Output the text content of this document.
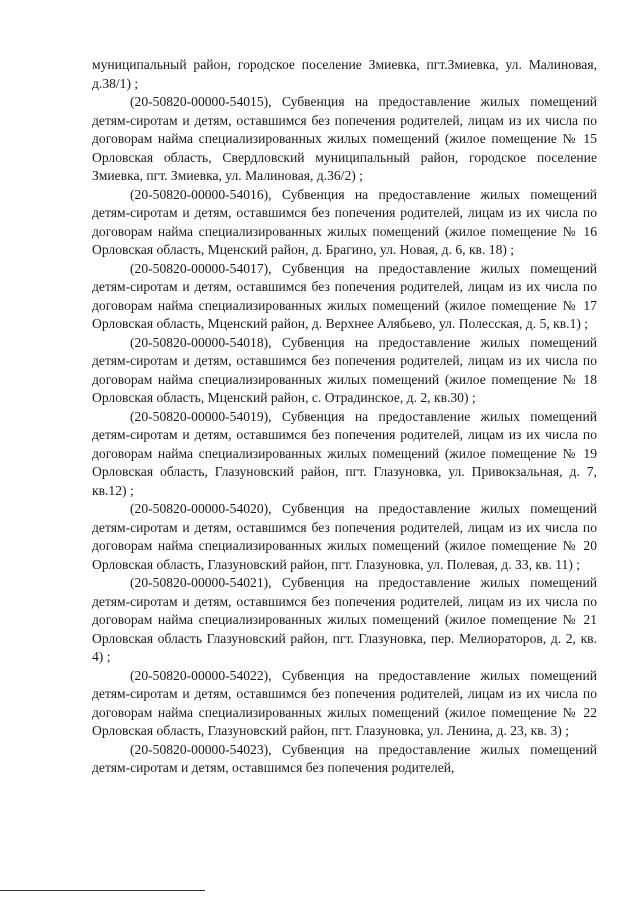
муниципальный район, городское поселение Змиевка, пгт.Змиевка, ул. Малиновая, д.38/1) ;

(20-50820-00000-54015), Субвенция на предоставление жилых помещений детям-сиротам и детям, оставшимся без попечения родителей, лицам из их числа по договорам найма специализированных жилых помещений (жилое помещение № 15 Орловская область, Свердловский муниципальный район, городское поселение Змиевка, пгт. Змиевка, ул. Малиновая, д.36/2) ;

(20-50820-00000-54016), Субвенция на предоставление жилых помещений детям-сиротам и детям, оставшимся без попечения родителей, лицам из их числа по договорам найма специализированных жилых помещений (жилое помещение № 16 Орловская область, Мценский район, д. Брагино, ул. Новая, д. 6, кв. 18) ;

(20-50820-00000-54017), Субвенция на предоставление жилых помещений детям-сиротам и детям, оставшимся без попечения родителей, лицам из их числа по договорам найма специализированных жилых помещений (жилое помещение № 17 Орловская область, Мценский район, д. Верхнее Алябьево, ул. Полесская, д. 5, кв.1) ;

(20-50820-00000-54018), Субвенция на предоставление жилых помещений детям-сиротам и детям, оставшимся без попечения родителей, лицам из их числа по договорам найма специализированных жилых помещений (жилое помещение № 18 Орловская область, Мценский район, с. Отрадинское, д. 2, кв.30) ;

(20-50820-00000-54019), Субвенция на предоставление жилых помещений детям-сиротам и детям, оставшимся без попечения родителей, лицам из их числа по договорам найма специализированных жилых помещений (жилое помещение № 19 Орловская область, Глазуновский район, пгт. Глазуновка, ул. Привокзальная, д. 7, кв.12) ;

(20-50820-00000-54020), Субвенция на предоставление жилых помещений детям-сиротам и детям, оставшимся без попечения родителей, лицам из их числа по договорам найма специализированных жилых помещений (жилое помещение № 20 Орловская область, Глазуновский район, пгт. Глазуновка, ул. Полевая, д. 33, кв. 11) ;

(20-50820-00000-54021), Субвенция на предоставление жилых помещений детям-сиротам и детям, оставшимся без попечения родителей, лицам из их числа по договорам найма специализированных жилых помещений (жилое помещение № 21 Орловская область Глазуновский район, пгт. Глазуновка, пер. Мелиораторов, д. 2, кв. 4) ;

(20-50820-00000-54022), Субвенция на предоставление жилых помещений детям-сиротам и детям, оставшимся без попечения родителей, лицам из их числа по договорам найма специализированных жилых помещений (жилое помещение № 22 Орловская область, Глазуновский район, пгт. Глазуновка, ул. Ленина, д. 23, кв. 3) ;

(20-50820-00000-54023), Субвенция на предоставление жилых помещений детям-сиротам и детям, оставшимся без попечения родителей,
